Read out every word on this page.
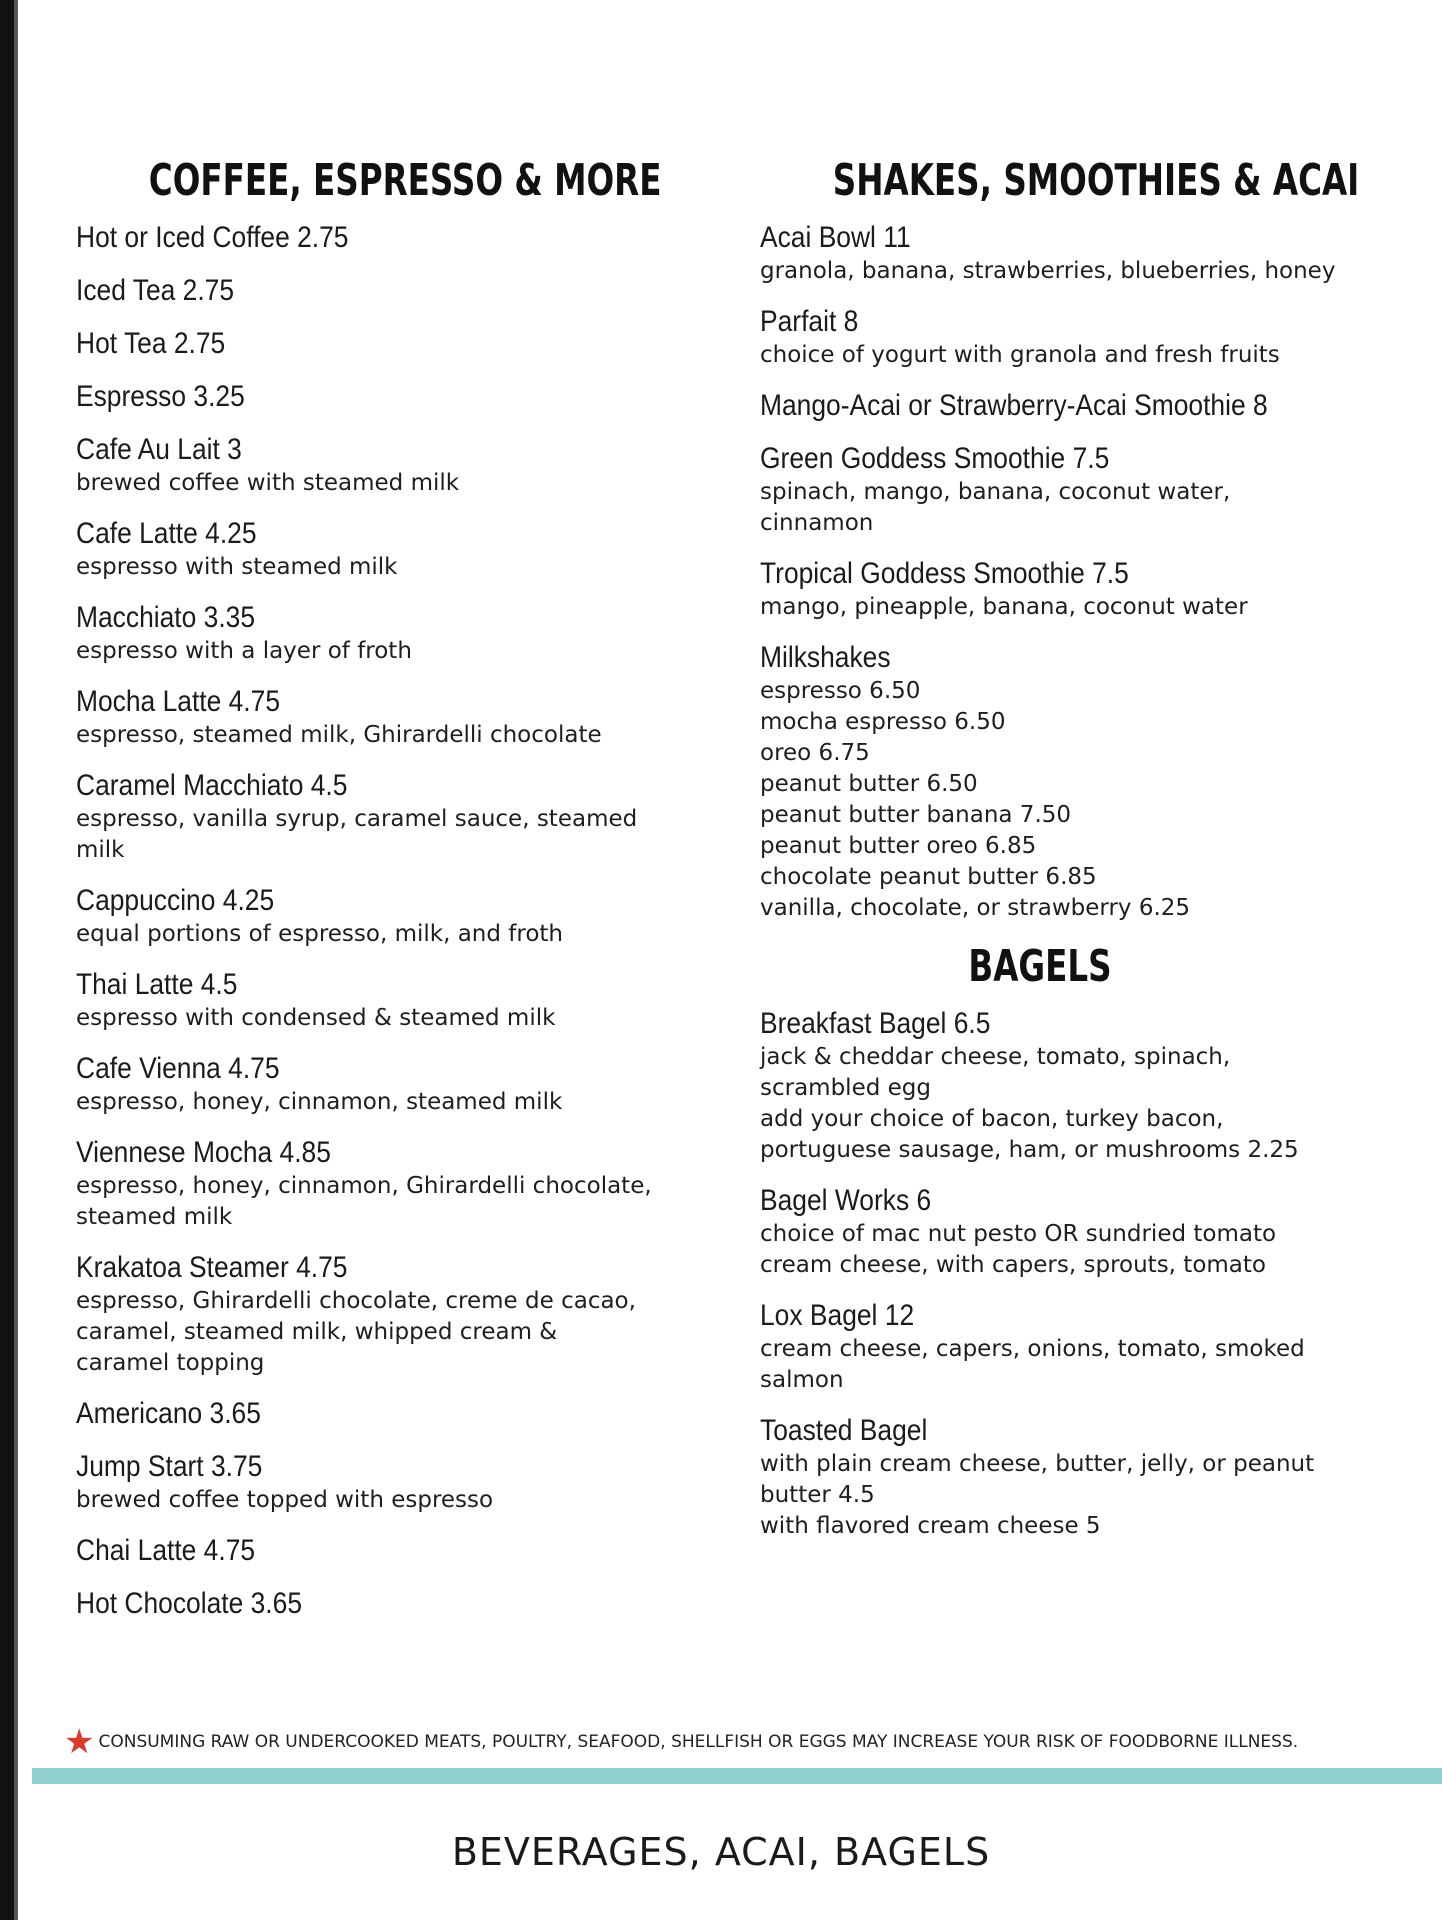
COFFEE, ESPRESSO & MORE
Hot or Iced Coffee 2.75
Iced Tea 2.75
Hot Tea 2.75
Espresso 3.25
Cafe Au Lait 3
brewed coffee with steamed milk
Cafe Latte 4.25
espresso with steamed milk
Macchiato 3.35
espresso with a layer of froth
Mocha Latte 4.75
espresso, steamed milk, Ghirardelli chocolate
Caramel Macchiato 4.5
espresso, vanilla syrup, caramel sauce, steamed
milk
Cappuccino 4.25
equal portions of espresso, milk, and froth
Thai Latte 4.5
espresso with condensed & steamed milk
Cafe Vienna 4.75
espresso, honey, cinnamon, steamed milk
Viennese Mocha 4.85
espresso, honey, cinnamon, Ghirardelli chocolate,
steamed milk
Krakatoa Steamer 4.75
espresso, Ghirardelli chocolate, creme de cacao,
caramel, steamed milk, whipped cream &
caramel topping
Americano 3.65
Jump Start 3.75
brewed coffee topped with espresso
Chai Latte 4.75
Hot Chocolate 3.65
SHAKES, SMOOTHIES & ACAI
Acai Bowl 11
granola, banana, strawberries, blueberries, honey
Parfait 8
choice of yogurt with granola and fresh fruits
Mango-Acai or Strawberry-Acai Smoothie 8
Green Goddess Smoothie 7.5
spinach, mango, banana, coconut water,
cinnamon
Tropical Goddess Smoothie 7.5
mango, pineapple, banana, coconut water
Milkshakes
espresso 6.50
mocha espresso 6.50
oreo 6.75
peanut butter 6.50
peanut butter banana 7.50
peanut butter oreo 6.85
chocolate peanut butter 6.85
vanilla, chocolate, or strawberry 6.25
BAGELS
Breakfast Bagel 6.5
jack & cheddar cheese, tomato, spinach,
scrambled egg
add your choice of bacon, turkey bacon,
portuguese sausage, ham, or mushrooms 2.25
Bagel Works 6
choice of mac nut pesto OR sundried tomato
cream cheese, with capers, sprouts, tomato
Lox Bagel 12
cream cheese, capers, onions, tomato, smoked
salmon
Toasted Bagel
with plain cream cheese, butter, jelly, or peanut
butter 4.5
with flavored cream cheese 5
★ CONSUMING RAW OR UNDERCOOKED MEATS, POULTRY, SEAFOOD, SHELLFISH OR EGGS MAY INCREASE YOUR RISK OF FOODBORNE ILLNESS.
BEVERAGES, ACAI, BAGELS
